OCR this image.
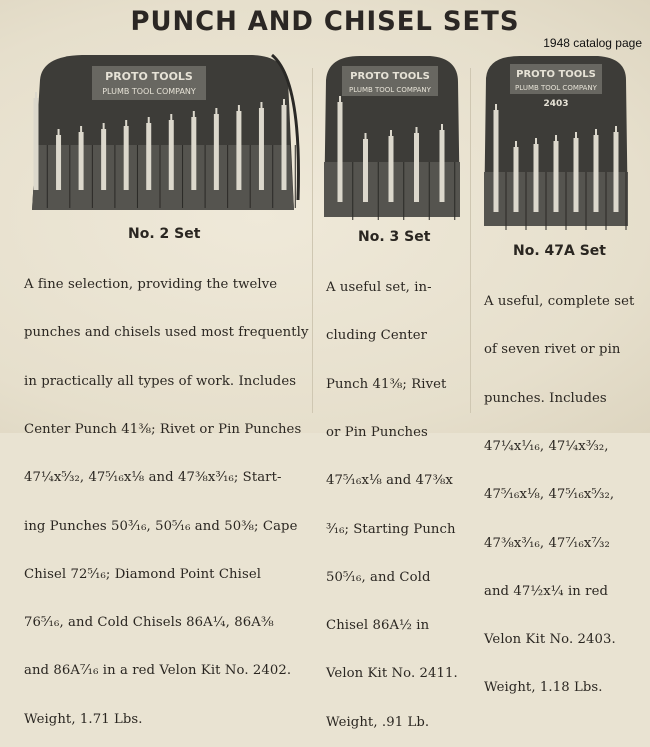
PUNCH AND CHISEL SETS
1948 catalog page
PROTO TOOLS
PLUMB TOOL COMPANY
No. 2 Set

A fine selection, providing the twelve

punches and chisels used most frequently

in practically all types of work. Includes

Center Punch 41⅜; Rivet or Pin Punches

47¼x⁵⁄₃₂, 47⁵⁄₁₆x⅛ and 47⅜x³⁄₁₆; Start-

ing Punches 50³⁄₁₆, 50⁵⁄₁₆ and 50⅜; Cape

Chisel 72⁵⁄₁₆; Diamond Point Chisel

76⁵⁄₁₆, and Cold Chisels 86A¼, 86A⅜

and 86A⁷⁄₁₆ in a red Velon Kit No. 2402.

Weight, 1.71 Lbs.

PROTO TOOLS
PLUMB TOOL COMPANY
No. 3 Set

A useful set, in-

cluding Center

Punch 41⅜; Rivet

or Pin Punches

47⁵⁄₁₆x⅛ and 47⅜x

³⁄₁₆; Starting Punch

50⁵⁄₁₆, and Cold

Chisel 86A½ in

Velon Kit No. 2411.

Weight, .91 Lb.

PROTO TOOLS
PLUMB TOOL COMPANY
2403
No. 47A Set

A useful, complete set

of seven rivet or pin

punches. Includes

47¼x¹⁄₁₆, 47¼x³⁄₃₂,

47⁵⁄₁₆x⅛, 47⁵⁄₁₆x⁵⁄₃₂,

47⅜x³⁄₁₆, 47⁷⁄₁₆x⁷⁄₃₂

and 47½x¼ in red

Velon Kit No. 2403.

Weight, 1.18 Lbs.
